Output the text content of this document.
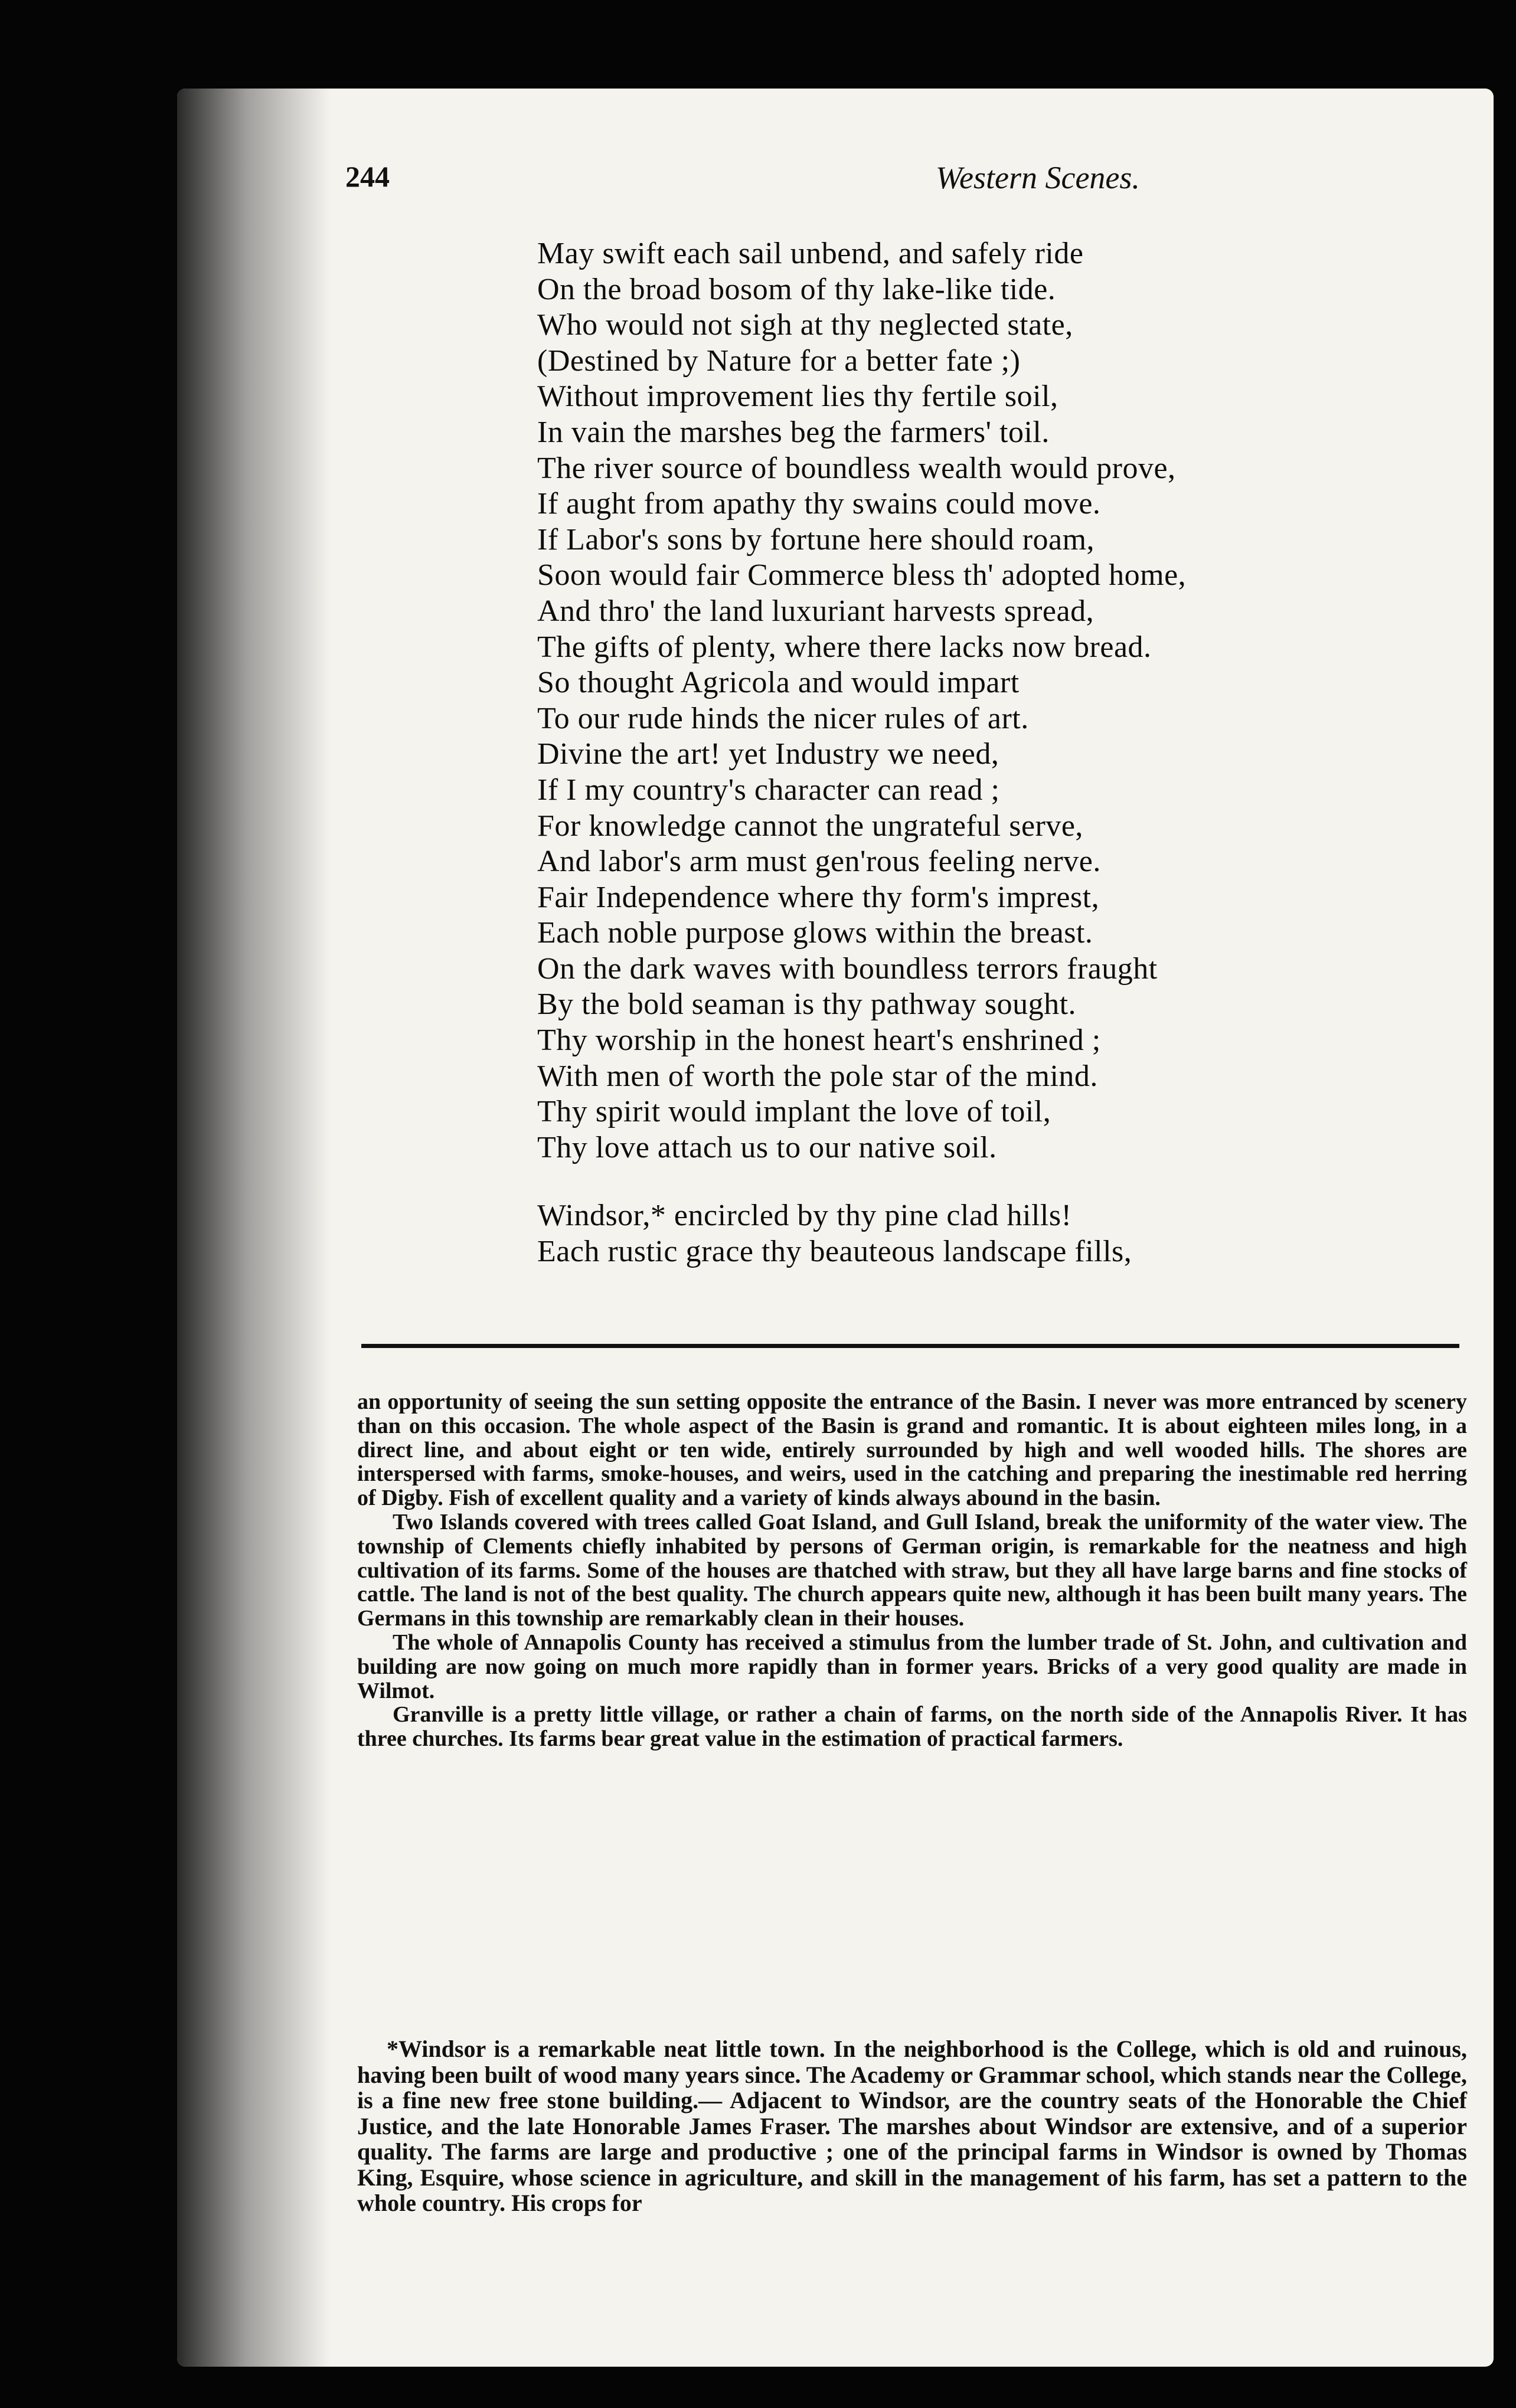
244	Western Scenes.
May swift each sail unbend, and safely ride
On the broad bosom of thy lake-like tide.
Who would not sigh at thy neglected state,
(Destined by Nature for a better fate ;)
Without improvement lies thy fertile soil,
In vain the marshes beg the farmers' toil.
The river source of boundless wealth would prove,
If aught from apathy thy swains could move.
If Labor's sons by fortune here should roam,
Soon would fair Commerce bless th' adopted home,
And thro' the land luxuriant harvests spread,
The gifts of plenty, where there lacks now bread.
So thought Agricola and would impart
To our rude hinds the nicer rules of art.
Divine the art! yet Industry we need,
If I my country's character can read ;
For knowledge cannot the ungrateful serve,
And labor's arm must gen'rous feeling nerve.
Fair Independence where thy form's imprest,
Each noble purpose glows within the breast.
On the dark waves with boundless terrors fraught
By the bold seaman is thy pathway sought.
Thy worship in the honest heart's enshrined ;
With men of worth the pole star of the mind.
Thy spirit would implant the love of toil,
Thy love attach us to our native soil.
Windsor,* encircled by thy pine clad hills!
Each rustic grace thy beauteous landscape fills,

an opportunity of seeing the sun setting opposite the entrance of the Basin. I never was more entranced by scenery than on this occasion. The whole aspect of the Basin is grand and romantic. It is about eighteen miles long, in a direct line, and about eight or ten wide, entirely surrounded by high and well wooded hills. The shores are interspersed with farms, smoke-houses, and weirs, used in the catching and preparing the inestimable red herring of Digby. Fish of excellent quality and a variety of kinds always abound in the basin.

Two Islands covered with trees called Goat Island, and Gull Island, break the uniformity of the water view. The township of Clements chiefly inhabited by persons of German origin, is remarkable for the neatness and high cultivation of its farms. Some of the houses are thatched with straw, but they all have large barns and fine stocks of cattle. The land is not of the best quality. The church appears quite new, although it has been built many years. The Germans in this township are remarkably clean in their houses.

The whole of Annapolis County has received a stimulus from the lumber trade of St. John, and cultivation and building are now going on much more rapidly than in former years. Bricks of a very good quality are made in Wilmot.

Granville is a pretty little village, or rather a chain of farms, on the north side of the Annapolis River. It has three churches. Its farms bear great value in the estimation of practical farmers.

*Windsor is a remarkable neat little town. In the neighborhood is the College, which is old and ruinous, having been built of wood many years since. The Academy or Grammar school, which stands near the College, is a fine new free stone building.— Adjacent to Windsor, are the country seats of the Honorable the Chief Justice, and the late Honorable James Fraser. The marshes about Windsor are extensive, and of a superior quality. The farms are large and productive ; one of the principal farms in Windsor is owned by Thomas King, Esquire, whose science in agriculture, and skill in the management of his farm, has set a pattern to the whole country. His crops for
